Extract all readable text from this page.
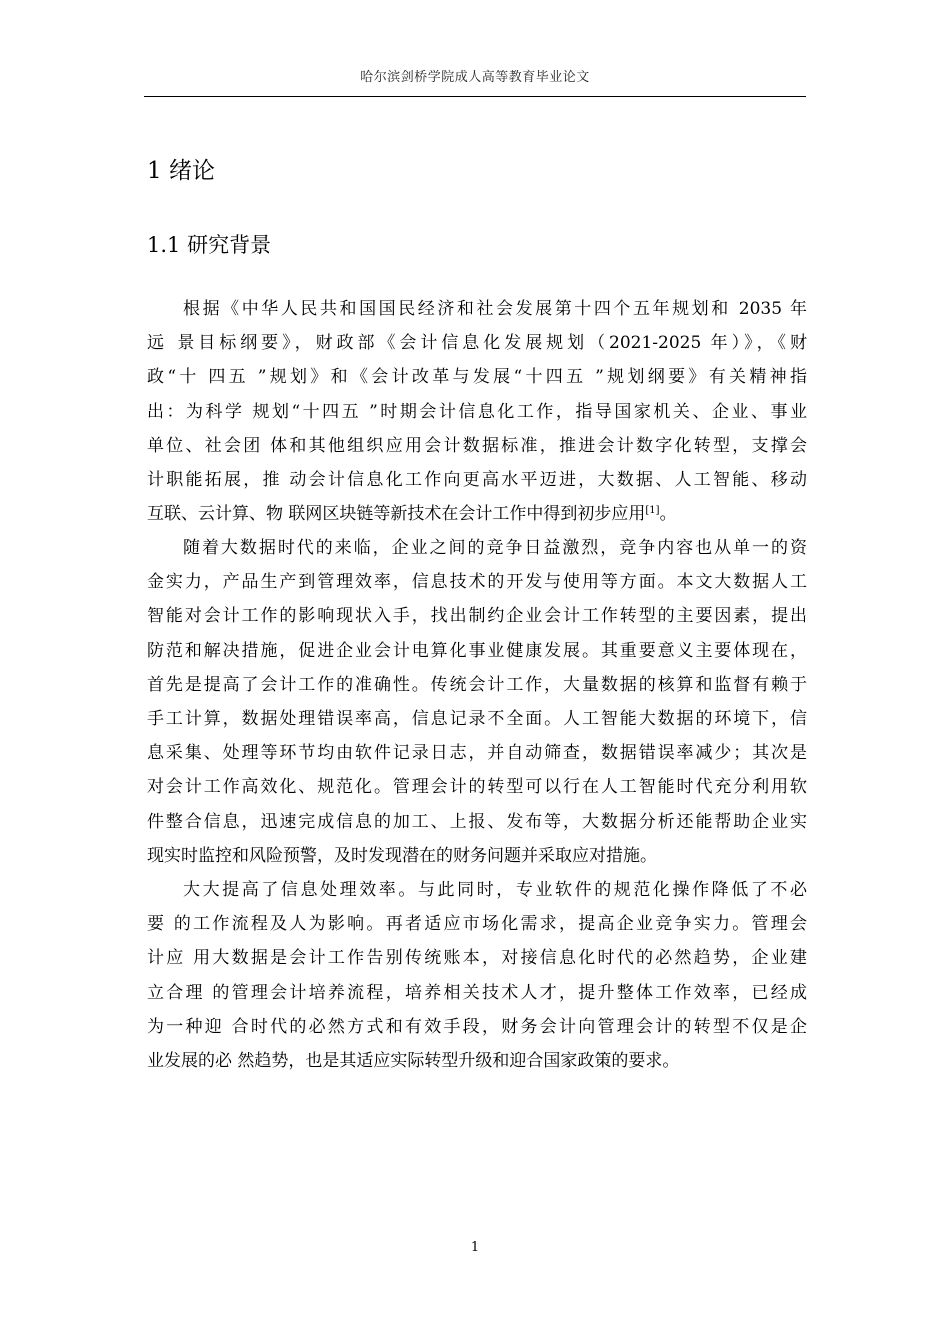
哈尔滨剑桥学院成人高等教育毕业论文
1 绪论
1.1 研究背景
根据《中华人民共和国国民经济和社会发展第十四个五年规划和 2035 年
远 景目标纲要》，财政部《会计信息化发展规划（2021-2025 年）》，《财
政“十 四五 ”规划》和《会计改革与发展“十四五 ”规划纲要》有关精神指
出：为科学 规划“十四五 ”时期会计信息化工作，指导国家机关、企业、事业
单位、社会团 体和其他组织应用会计数据标准，推进会计数字化转型，支撑会
计职能拓展，推 动会计信息化工作向更高水平迈进，大数据、人工智能、移动
互联、云计算、物 联网区块链等新技术在会计工作中得到初步应用[1]。
随着大数据时代的来临，企业之间的竞争日益激烈，竞争内容也从单一的资
金实力，产品生产到管理效率，信息技术的开发与使用等方面。本文大数据人工
智能对会计工作的影响现状入手，找出制约企业会计工作转型的主要因素，提出
防范和解决措施，促进企业会计电算化事业健康发展。其重要意义主要体现在，
首先是提高了会计工作的准确性。传统会计工作，大量数据的核算和监督有赖于
手工计算，数据处理错误率高，信息记录不全面。人工智能大数据的环境下，信
息采集、处理等环节均由软件记录日志，并自动筛查，数据错误率减少；其次是
对会计工作高效化、规范化。管理会计的转型可以行在人工智能时代充分利用软
件整合信息，迅速完成信息的加工、上报、发布等，大数据分析还能帮助企业实
现实时监控和风险预警，及时发现潜在的财务问题并采取应对措施。
大大提高了信息处理效率。与此同时，专业软件的规范化操作降低了不必
要 的工作流程及人为影响。再者适应市场化需求，提高企业竞争实力。管理会
计应 用大数据是会计工作告别传统账本，对接信息化时代的必然趋势，企业建
立合理 的管理会计培养流程，培养相关技术人才，提升整体工作效率，已经成
为一种迎 合时代的必然方式和有效手段，财务会计向管理会计的转型不仅是企
业发展的必 然趋势，也是其适应实际转型升级和迎合国家政策的要求。
1
